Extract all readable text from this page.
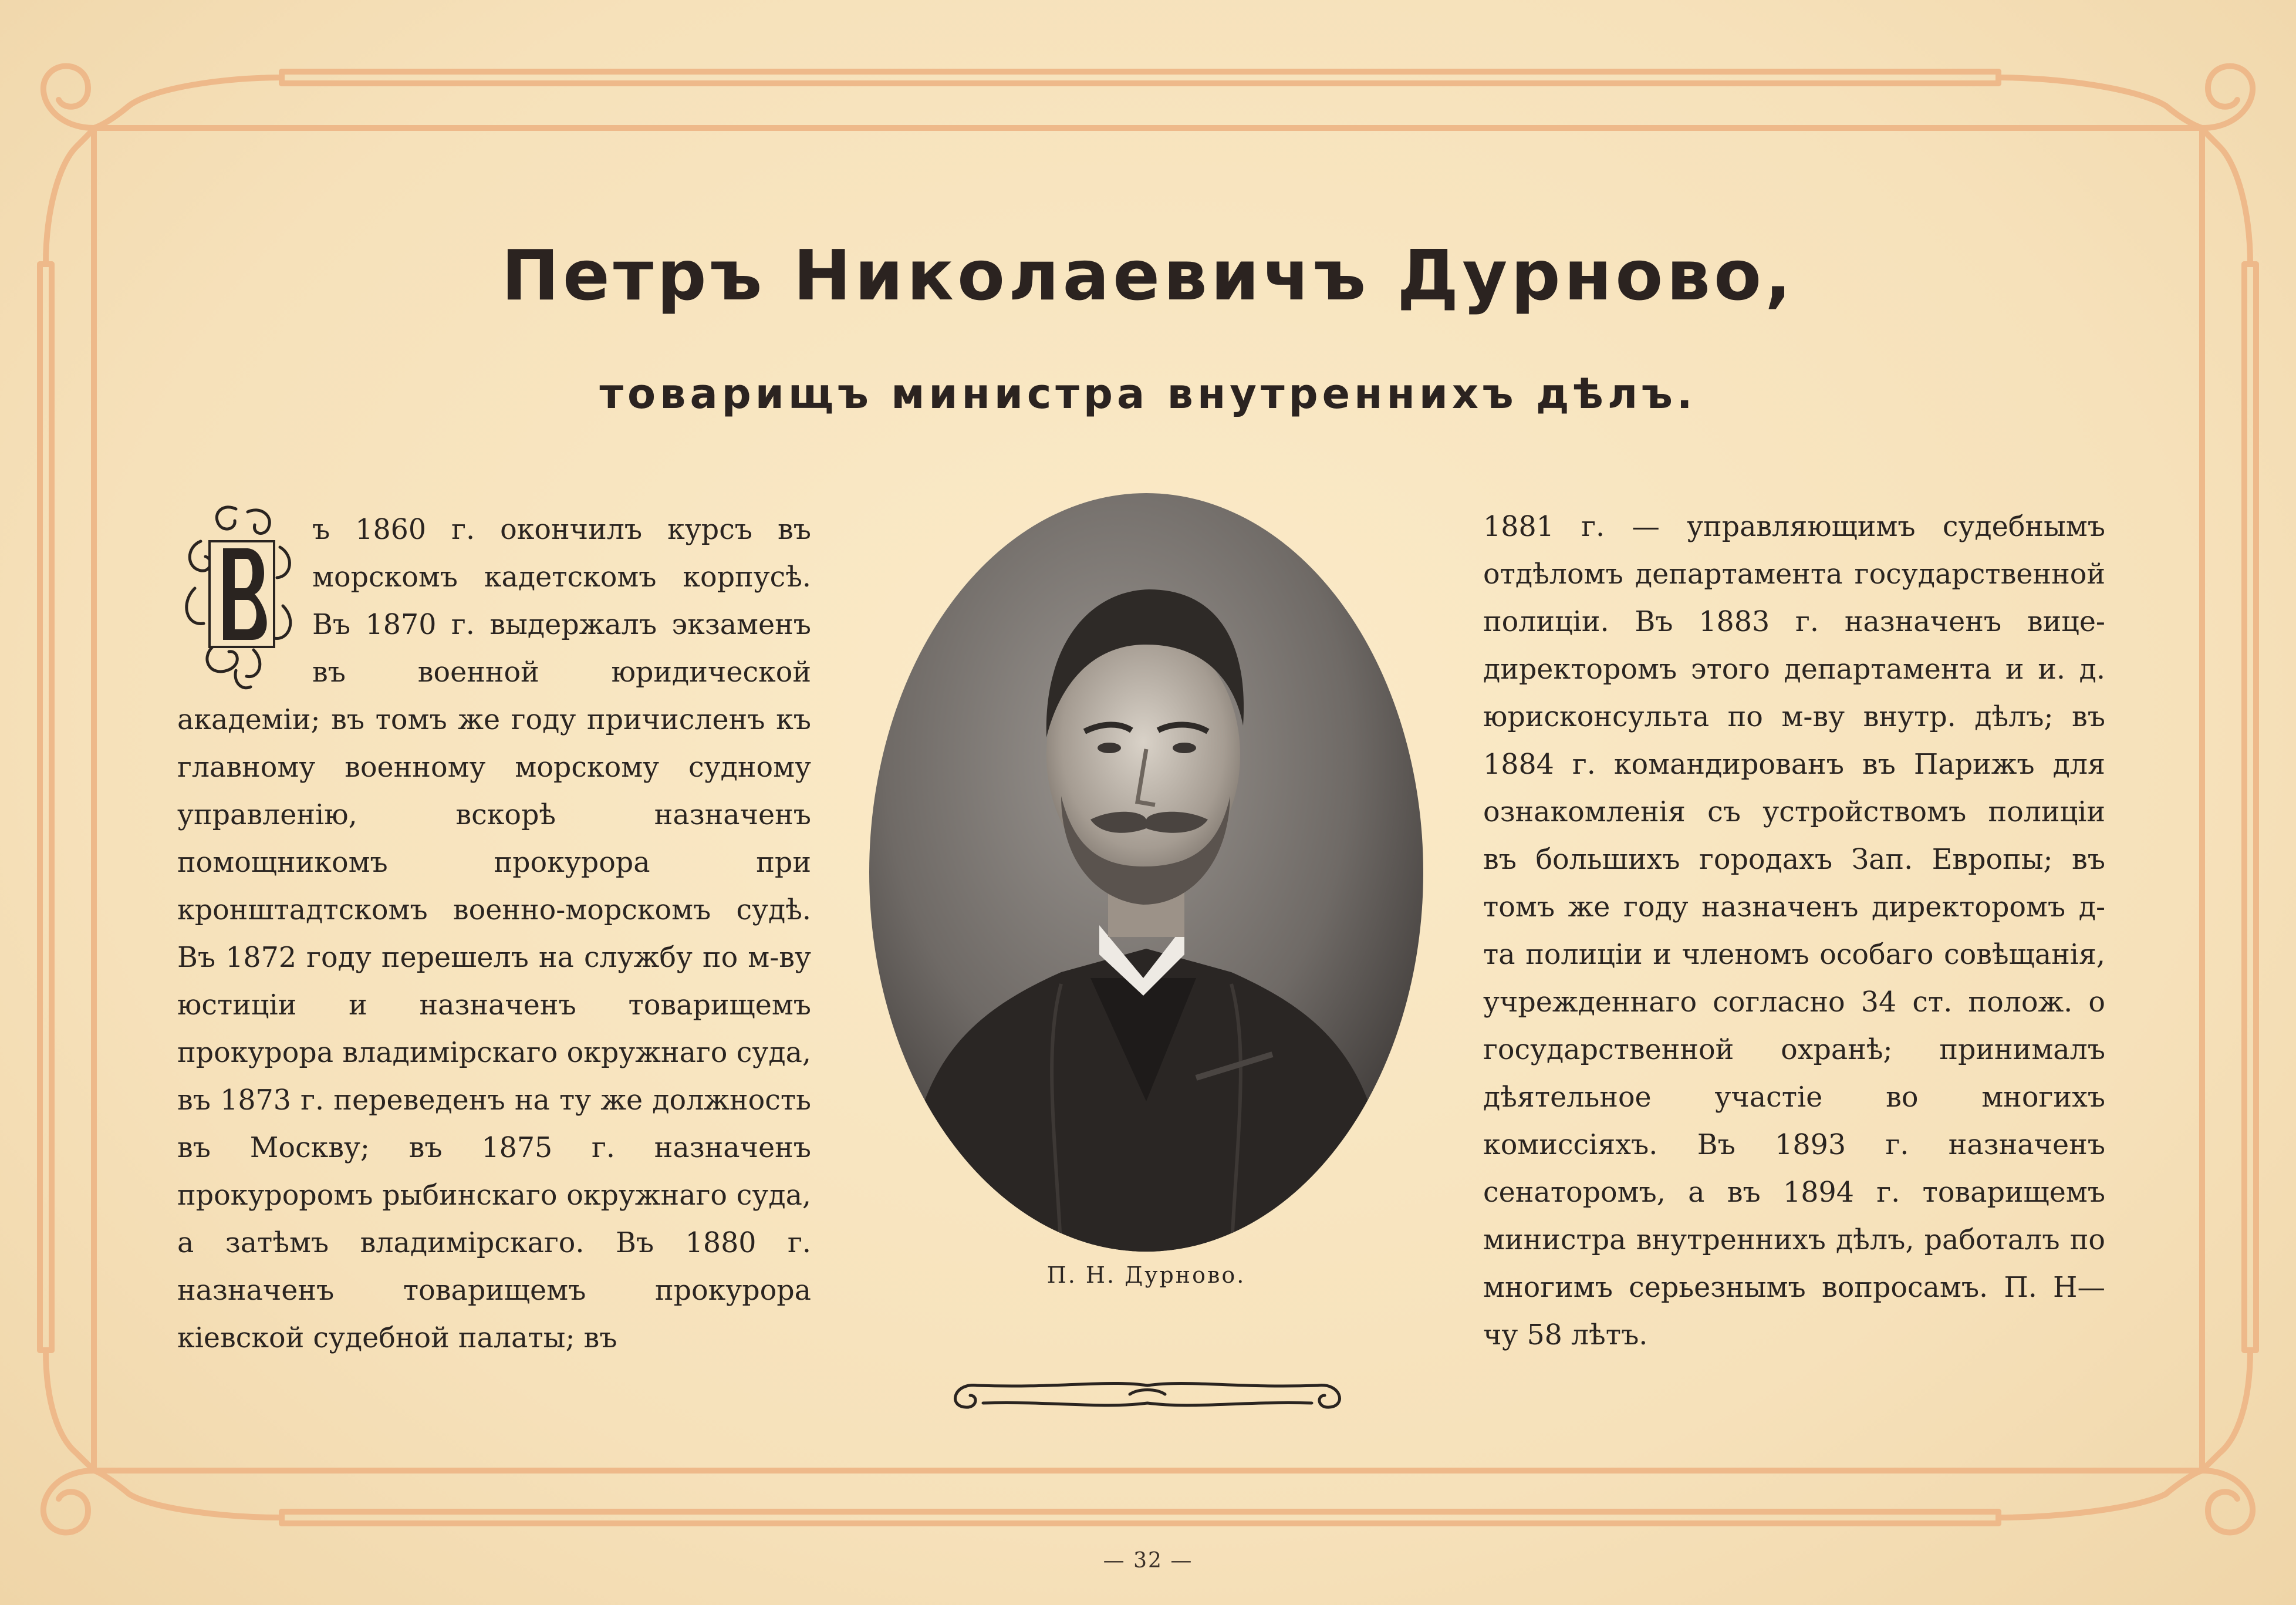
Петръ Николаевичъ Дурново,
товарищъ министра внутреннихъ дѣлъ.

ъ 1860 г. окончилъ курсъ въ морскомъ кадетскомъ корпусѣ. Въ 1870 г. выдержалъ экзаменъ въ военной юридической академіи; въ томъ же году причисленъ къ главному военному морскому судному управленію, вскорѣ назначенъ помощникомъ прокурора при кронштадтскомъ военно-морскомъ судѣ. Въ 1872 году перешелъ на службу по м-ву юстиціи и назначенъ товарищемъ прокурора владимірскаго окружнаго суда, въ 1873 г. переведенъ на ту же должность въ Москву; въ 1875 г. назначенъ прокуроромъ рыбинскаго окружнаго суда, а затѣмъ владимірскаго. Въ 1880 г. назначенъ товарищемъ прокурора кіевской судебной палаты; въ

П. Н. Дурново.

1881 г. — управляющимъ судебнымъ отдѣломъ департамента государственной полиціи. Въ 1883 г. назначенъ вице-директоромъ этого департамента и и. д. юрисконсульта по м-ву внутр. дѣлъ; въ 1884 г. командированъ въ Парижъ для ознакомленія съ устройствомъ полиціи въ большихъ городахъ Зап. Европы; въ томъ же году назначенъ директоромъ д-та полиціи и членомъ особаго совѣщанія, учрежденнаго согласно 34 ст. полож. о государственной охранѣ; принималъ дѣятельное участіе во многихъ комиссіяхъ. Въ 1893 г. назначенъ сенаторомъ, а въ 1894 г. товарищемъ министра внутреннихъ дѣлъ, работалъ по многимъ серьезнымъ вопросамъ. П. Н—чу 58 лѣтъ.

— 32 —
